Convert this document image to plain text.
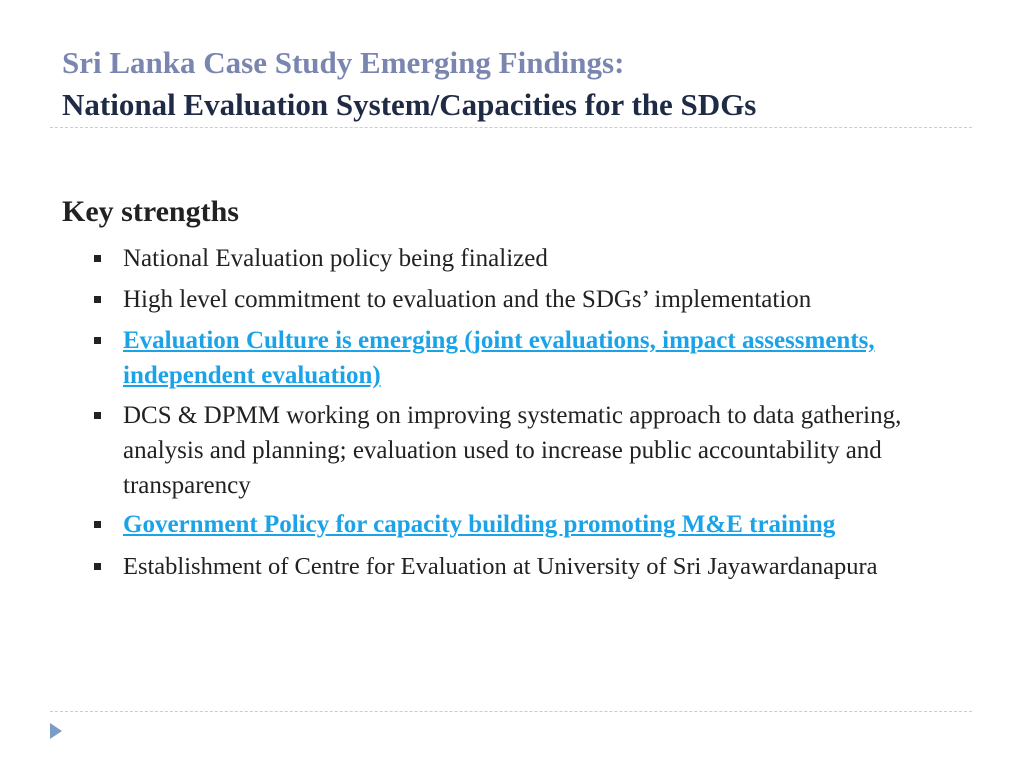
Sri Lanka Case Study Emerging Findings:
National Evaluation System/Capacities for the SDGs
Key strengths
National Evaluation policy being finalized
High level commitment to evaluation and the SDGs’ implementation
Evaluation Culture is emerging (joint evaluations, impact assessments, independent evaluation)
DCS & DPMM working on improving systematic approach to data gathering, analysis and planning; evaluation used to increase public accountability and transparency
Government Policy for capacity building promoting M&E training
Establishment of Centre for Evaluation at University of Sri Jayawardanapura
